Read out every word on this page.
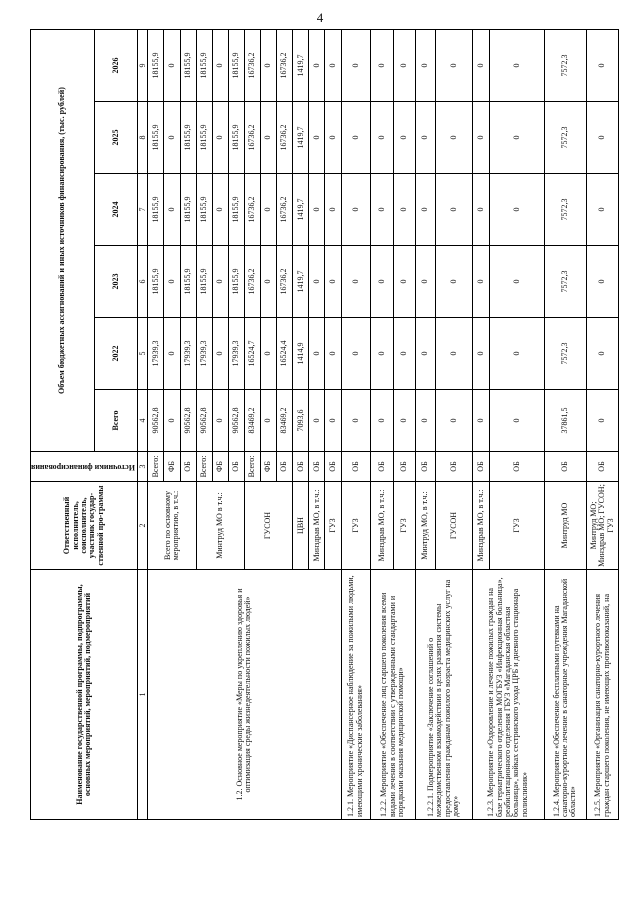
4
Наименование государственной программы, подпрограммы, основных мероприятий, мероприятий, подмероприятий	Ответственный исполнитель, соисполнитель, участник государ-ственной про-граммы	Источники финансирования	Объем бюджетных ассигнований и иных источников финансирования, (тыс. рублей)					
			Всего	2022	2023	2024	2025	2026
1	2	3	4	5	6	7	8	9
1.2. Основное мероприятие «Меры по укреплению здоровья и оптимизация среды жизнедеятельности пожилых людей»	Всего по основному мероприятию, в т.ч.:	Всего:	90562,8	17939,3	18155,9	18155,9	18155,9	18155,9
		ФБ	0	0	0	0	0	0
		ОБ	90562,8	17939,3	18155,9	18155,9	18155,9	18155,9
	Минтруд МО в т.ч.:	Всего:	90562,8	17939,3	18155,9	18155,9	18155,9	18155,9
		ФБ	0	0	0	0	0	0
		ОБ	90562,8	17939,3	18155,9	18155,9	18155,9	18155,9
	ГУСОН	Всего:	83469,2	16524,7	16736,2	16736,2	16736,2	16736,2
		ФБ	0	0	0	0	0	0
		ОБ	83469,2	16524,4	16736,2	16736,2	16736,2	16736,2
	ЦВН	ОБ	7093,6	1414,9	1419,7	1419,7	1419,7	1419,7
	Минздрав МО, в т.ч.:	ОБ	0	0	0	0	0	0
	ГУЗ	ОБ	0	0	0	0	0	0
1.2.1. Мероприятие «Диспансерное наблюдение за пожилыми людьми, имеющими хронические заболевания»	ГУЗ	ОБ	0	0	0	0	0	0
1.2.2. Мероприятие «Обеспечение лиц старшего поколения всеми видами лечения в соответствии с утвержденными стандартами и порядками оказания медицинской помощи»	Минздрав МО, в т.ч.:	ОБ	0	0	0	0	0	0
	ГУЗ	ОБ	0	0	0	0	0	0
1.2.2.1. Подмероприятие «Заключение соглашений о межведомственном взаимодействии в целях развития системы предоставления гражданам пожилого возраста медицинских услуг на дому»	Минтруд МО, в т.ч.:	ОБ	0	0	0	0	0	0
	ГУСОН	ОБ	0	0	0	0	0	0
1.2.3. Мероприятие «Оздоровление и лечение пожилых граждан на базе гериатрического отделения МОГБУЗ «Инфекционная больница», реабилитационного отделения ГБУЗ «Магаданская областная больница», койках сестринского ухода ЦРБ и дневного стационара поликлиник»	Минздрав МО, в т.ч.:	ОБ	0	0	0	0	0	0
	ГУЗ	ОБ	0	0	0	0	0	0
1.2.4. Мероприятие «Обеспечение бесплатными путевками на санаторно-курортное лечение в санаторные учреждения Магаданской области»	Минтруд МО	ОБ	37861,5	7572,3	7572,3	7572,3	7572,3	7572,3
1.2.5. Мероприятие «Организация санаторно-курортного лечения граждан старшего поколения, не имеющих противопоказаний, на	Минтруд МО; Минздрав МО; ГУСОН; ГУЗ	ОБ	0	0	0	0	0	0
